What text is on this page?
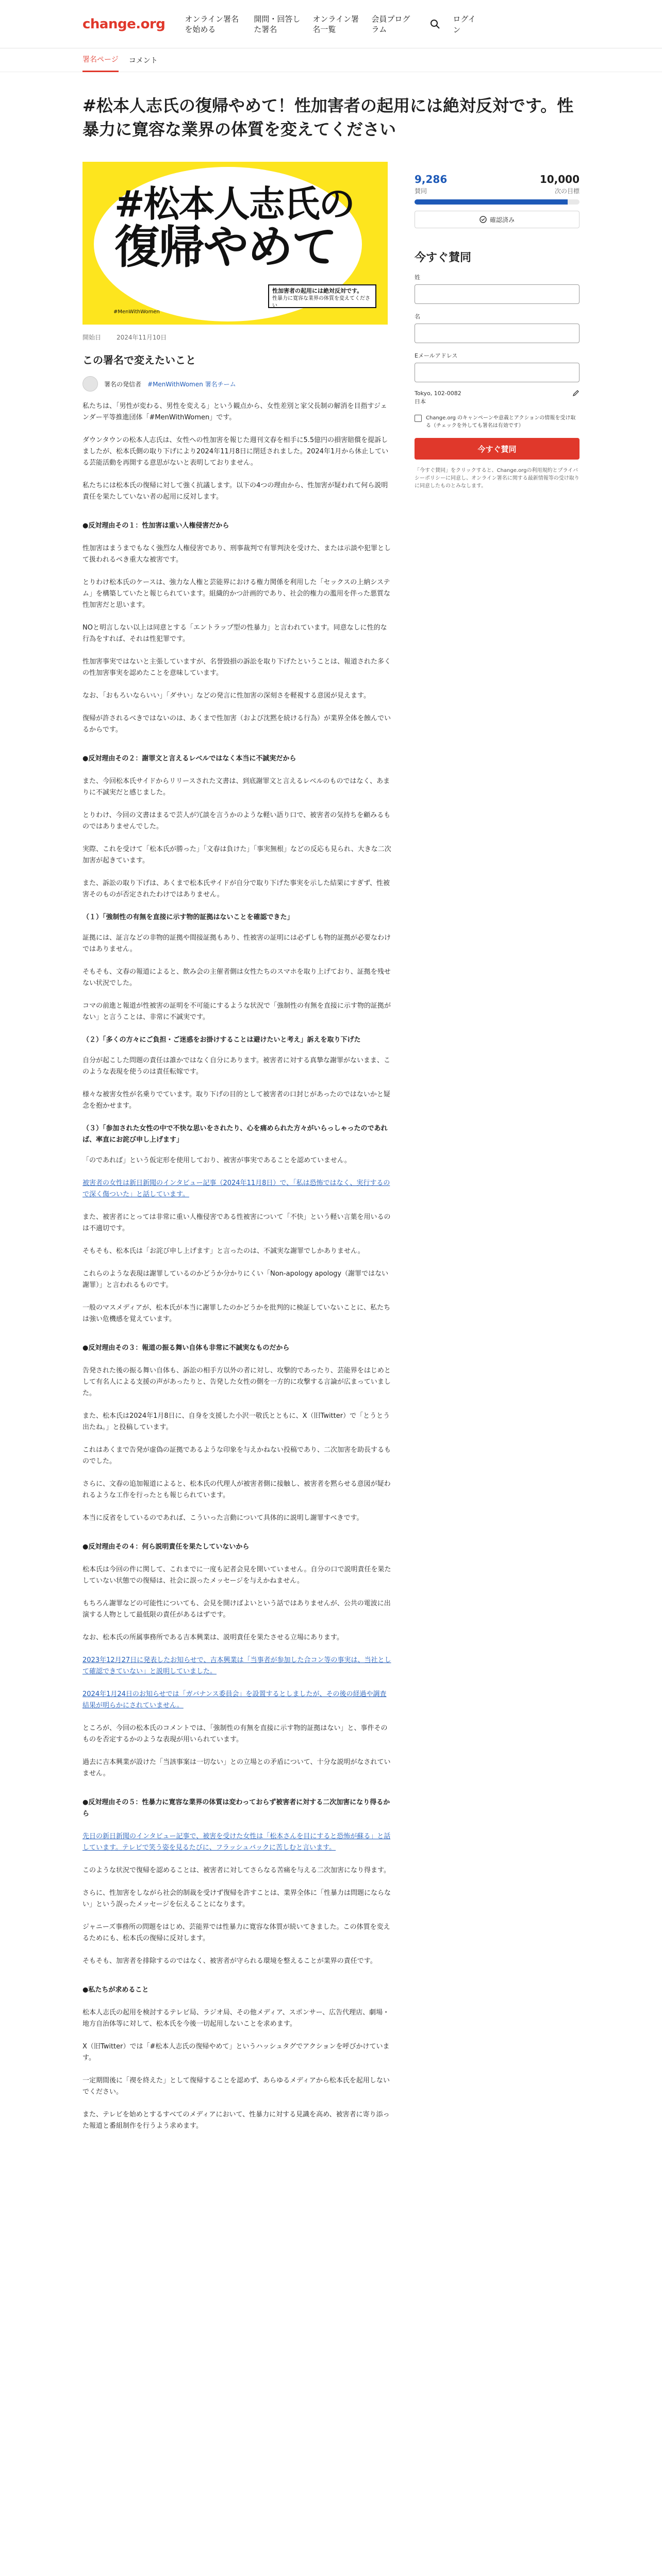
change.org	オンライン署名を始める
開問・回答した署名
オンライン署名一覧
会員プログラム
ログイン
署名ページ コメント
#松本人志氏の復帰やめて！性加害者の起用には絶対反対です。性暴力に寛容な業界の体質を変えてください
#松本人志氏の
復帰やめて
性加害者の起用には絶対反対です。
性暴力に寛容な業界の体質を変えてください
#MenWithWomen
開始日	2024年11月10日
この署名で変えたいこと
署名の発信者 #MenWithWomen 署名チーム

私たちは、「男性が変わる、男性を変える」という観点から、女性差別と家父長制の解消を目指すジェンダー平等推進団体「#MenWithWomen」です。

ダウンタウンの松本人志氏は、女性への性加害を報じた週刊文春を相手に5.5億円の損害賠償を提訴しましたが、松本氏側の取り下げにより2024年11月8日に閉廷されました。2024年1月から休止している芸能活動を再開する意思がないと表明しておりません。

私たちには松本氏の復帰に対して強く抗議します。以下の4つの理由から、性加害が疑われて何ら説明責任を果たしていない者の起用に反対します。

●反対理由その１：性加害は重い人権侵害だから

性加害はまうまでもなく強烈な人権侵害であり、刑事裁判で有罪判決を受けた、または示談や犯罪として扱われるべき重大な被害です。

とりわけ松本氏のケースは、強力な人権と芸能界における権力関係を利用した「セックスの上納システム」を構築していたと報じられています。組織的かつ計画的であり、社会的権力の濫用を伴った悪質な性加害だと思います。

NOと明言しない以上は同意とする「エントラップ型の性暴力」と言われています。同意なしに性的な行為をすれば、それは性犯罪です。

性加害事実ではないと主張していますが、名誉毀損の訴訟を取り下げたということは、報道された多くの性加害事実を認めたことを意味しています。

なお、「おもろいならいい」「ダサい」などの発言に性加害の深刻さを軽視する意図が見えます。

復帰が許されるべきではないのは、あくまで性加害（および沈黙を続ける行為）が業界全体を蝕んでいるからです。

●反対理由その２：謝罪文と言えるレベルではなく本当に不誠実だから

また、今回松本氏サイドからリリースされた文書は、到底謝罪文と言えるレベルのものではなく、あまりに不誠実だと感じました。

とりわけ、今回の文書はまるで芸人が冗談を言うかのような軽い語り口で、被害者の気持ちを顧みるものではありませんでした。

実際、これを受けて「松本氏が勝った」「文春は負けた」「事実無根」などの反応も見られ、大きな二次加害が起きています。

また、訴訟の取り下げは、あくまで松本氏サイドが自分で取り下げた事実を示した結果にすぎず、性被害そのものが否定されたわけではありません。

（１）「強制性の有無を直接に示す物的証拠はないことを確認できた」

証拠には、証言などの非物的証拠や間接証拠もあり、性被害の証明には必ずしも物的証拠が必要なわけではありません。

そもそも、文春の報道によると、飲み会の主催者側は女性たちのスマホを取り上げており、証拠を残せない状況でした。

コマの前進と報道が性被害の証明を不可能にするような状況で「強制性の有無を直接に示す物的証拠がない」と言うことは、非常に不誠実です。

（２）「多くの方々にご負担・ご迷惑をお掛けすることは避けたいと考え」訴えを取り下げた

自分が起こした問題の責任は誰かではなく自分にあります。被害者に対する真摯な謝罪がないまま、このような表現を使うのは責任転嫁です。

様々な被害女性が名乗りでています。取り下げの目的として被害者の口封じがあったのではないかと疑念を抱かせます。

（３）「参加された女性の中で不快な思いをされたり、心を痛められた方々がいらっしゃったのであれば、率直にお詫び申し上げます」

「のであれば」という仮定形を使用しており、被害が事実であることを認めていません。

被害者の女性は新日新聞のインタビュー記事（2024年11月8日）で、「私は恐怖ではなく、実行するので深く傷ついた」と話しています。

また、被害者にとっては非常に重い人権侵害である性被害について「不快」という軽い言葉を用いるのは不適切です。

そもそも、松本氏は「お詫び申し上げます」と言ったのは、不誠実な謝罪でしかありません。

これらのような表現は謝罪しているのかどうか分かりにくい「Non-apology apology（謝罪ではない謝罪）」と言われるものです。

一般のマスメディアが、松本氏が本当に謝罪したのかどうかを批判的に検証していないことに、私たちは強い危機感を覚えています。

●反対理由その３：報道の振る舞い自体も非常に不誠実なものだから

告発された後の振る舞い自体も、訴訟の相手方以外の者に対し、攻撃的であったり、芸能界をはじめとして有名人による支援の声があったりと、告発した女性の側を一方的に攻撃する言論が広まっていました。

また、松本氏は2024年1月8日に、自身を支援した小沢一敬氏とともに、X（旧Twitter）で「とうとう出たね。」と投稿しています。

これはあくまで告発が虚偽の証拠であるような印象を与えかねない投稿であり、二次加害を助長するものでした。

さらに、文春の追加報道によると、松本氏の代理人が被害者側に接触し、被害者を黙らせる意図が疑われるような工作を行ったとも報じられています。

本当に反省をしているのであれば、こういった言動について具体的に説明し謝罪すべきです。

●反対理由その４：何ら説明責任を果たしていないから

松本氏は今回の件に関して、これまでに一度も記者会見を開いていません。自分の口で説明責任を果たしていない状態での復帰は、社会に誤ったメッセージを与えかねません。

もちろん謝罪などの可能性についても、会見を開けばよいという話ではありませんが、公共の電波に出演する人物として最低限の責任があるはずです。

なお、松本氏の所属事務所である吉本興業は、説明責任を果たさせる立場にあります。

2023年12月27日に発表したお知らせで、吉本興業は「当事者が参加した合コン等の事実は、当社として確認できていない」と説明していました。

2024年1月24日のお知らせでは「ガバナンス委員会」を設置するとしましたが、その後の経過や調査結果が明らかにされていません。

ところが、今回の松本氏のコメントでは、「強制性の有無を直接に示す物的証拠はない」と、事件そのものを否定するかのような表現が用いられています。

過去に吉本興業が設けた「当該事案は一切ない」との立場との矛盾について、十分な説明がなされていません。

●反対理由その５：性暴力に寛容な業界の体質は変わっておらず被害者に対する二次加害になり得るから

先日の新日新聞のインタビュー記事で、被害を受けた女性は「松本さんを目にすると恐怖が蘇る」と話しています。テレビで笑う姿を見るたびに、フラッシュバックに苦しむと言います。

このような状況で復帰を認めることは、被害者に対してさらなる苦痛を与える二次加害になり得ます。

さらに、性加害をしながら社会的制裁を受けず復帰を許すことは、業界全体に「性暴力は問題にならない」という誤ったメッセージを伝えることになります。

ジャニーズ事務所の問題をはじめ、芸能界では性暴力に寛容な体質が続いてきました。この体質を変えるためにも、松本氏の復帰に反対します。

そもそも、加害者を排除するのではなく、被害者が守られる環境を整えることが業界の責任です。

●私たちが求めること

松本人志氏の起用を検討するテレビ局、ラジオ局、その他メディア、スポンサー、広告代理店、劇場・地方自治体等に対して、松本氏を今後一切起用しないことを求めます。

X（旧Twitter）では「#松本人志氏の復帰やめて」というハッシュタグでアクションを呼びかけています。

一定期間後に「禊を終えた」として復帰することを認めず、あらゆるメディアから松本氏を起用しないでください。

また、テレビを始めとするすべてのメディアにおいて、性暴力に対する見識を高め、被害者に寄り添った報道と番組制作を行うよう求めます。

9,286	10,000
賛同	次の目標
確認済み
今すぐ賛同
姓
名
Eメールアドレス
Tokyo, 102-0082
日本
Change.org のキャンペーンや意義とアクションの情報を受け取る（チェックを外しても署名は有効です）
今すぐ賛同
「今すぐ賛同」をクリックすると、Change.orgの利用規約とプライバシーポリシーに同意し、オンライン署名に関する最新情報等の受け取りに同意したものとみなします。
